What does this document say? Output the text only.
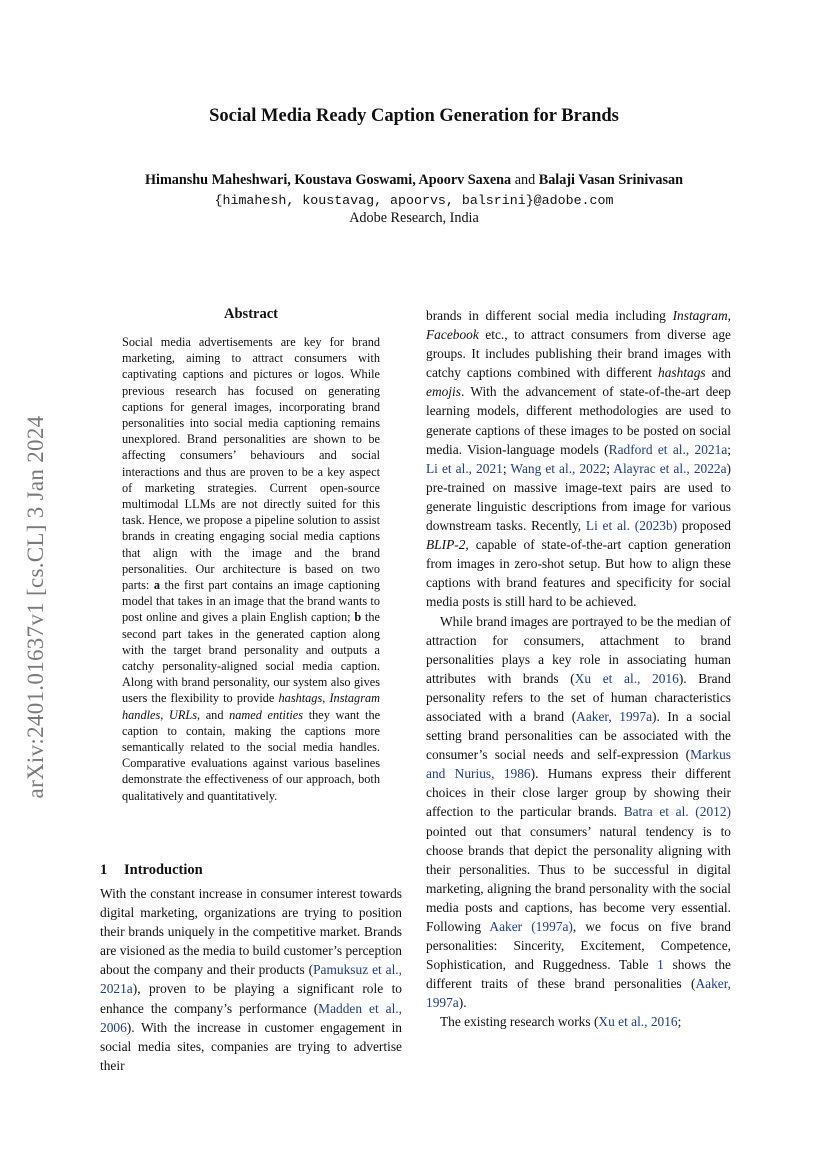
arXiv:2401.01637v1 [cs.CL] 3 Jan 2024
Social Media Ready Caption Generation for Brands
Himanshu Maheshwari, Koustava Goswami, Apoorv Saxena and Balaji Vasan Srinivasan
{himahesh, koustavag, apoorvs, balsrini}@adobe.com
Adobe Research, India
Abstract

Social media advertisements are key for brand marketing, aiming to attract consumers with captivating captions and pictures or logos. While previous research has focused on generating captions for general images, incorporating brand personalities into social media captioning remains unexplored. Brand personalities are shown to be affecting consumers’ behaviours and social interactions and thus are proven to be a key aspect of marketing strategies. Current open-source multimodal LLMs are not directly suited for this task. Hence, we propose a pipeline solution to assist brands in creating engaging social media captions that align with the image and the brand personalities. Our architecture is based on two parts: a the first part contains an image captioning model that takes in an image that the brand wants to post online and gives a plain English caption; b the second part takes in the generated caption along with the target brand personality and outputs a catchy personality-aligned social media caption. Along with brand personality, our system also gives users the flexibility to provide hashtags, Instagram handles, URLs, and named entities they want the caption to contain, making the captions more semantically related to the social media handles. Comparative evaluations against various baselines demonstrate the effectiveness of our approach, both qualitatively and quantitatively.

1 Introduction

With the constant increase in consumer interest towards digital marketing, organizations are trying to position their brands uniquely in the competitive market. Brands are visioned as the media to build customer’s perception about the company and their products (Pamuksuz et al., 2021a), proven to be playing a significant role to enhance the company’s performance (Madden et al., 2006). With the increase in customer engagement in social media sites, companies are trying to advertise their

brands in different social media including Instagram, Facebook etc., to attract consumers from diverse age groups. It includes publishing their brand images with catchy captions combined with different hashtags and emojis. With the advancement of state-of-the-art deep learning models, different methodologies are used to generate captions of these images to be posted on social media. Vision-language models (Radford et al., 2021a; Li et al., 2021; Wang et al., 2022; Alayrac et al., 2022a) pre-trained on massive image-text pairs are used to generate linguistic descriptions from image for various downstream tasks. Recently, Li et al. (2023b) proposed BLIP-2, capable of state-of-the-art caption generation from images in zero-shot setup. But how to align these captions with brand features and specificity for social media posts is still hard to be achieved.

While brand images are portrayed to be the median of attraction for consumers, attachment to brand personalities plays a key role in associating human attributes with brands (Xu et al., 2016). Brand personality refers to the set of human characteristics associated with a brand (Aaker, 1997a). In a social setting brand personalities can be associated with the consumer’s social needs and self-expression (Markus and Nurius, 1986). Humans express their different choices in their close larger group by showing their affection to the particular brands. Batra et al. (2012) pointed out that consumers’ natural tendency is to choose brands that depict the personality aligning with their personalities. Thus to be successful in digital marketing, aligning the brand personality with the social media posts and captions, has become very essential. Following Aaker (1997a), we focus on five brand personalities: Sincerity, Excitement, Competence, Sophistication, and Ruggedness. Table 1 shows the different traits of these brand personalities (Aaker, 1997a).

The existing research works (Xu et al., 2016;
